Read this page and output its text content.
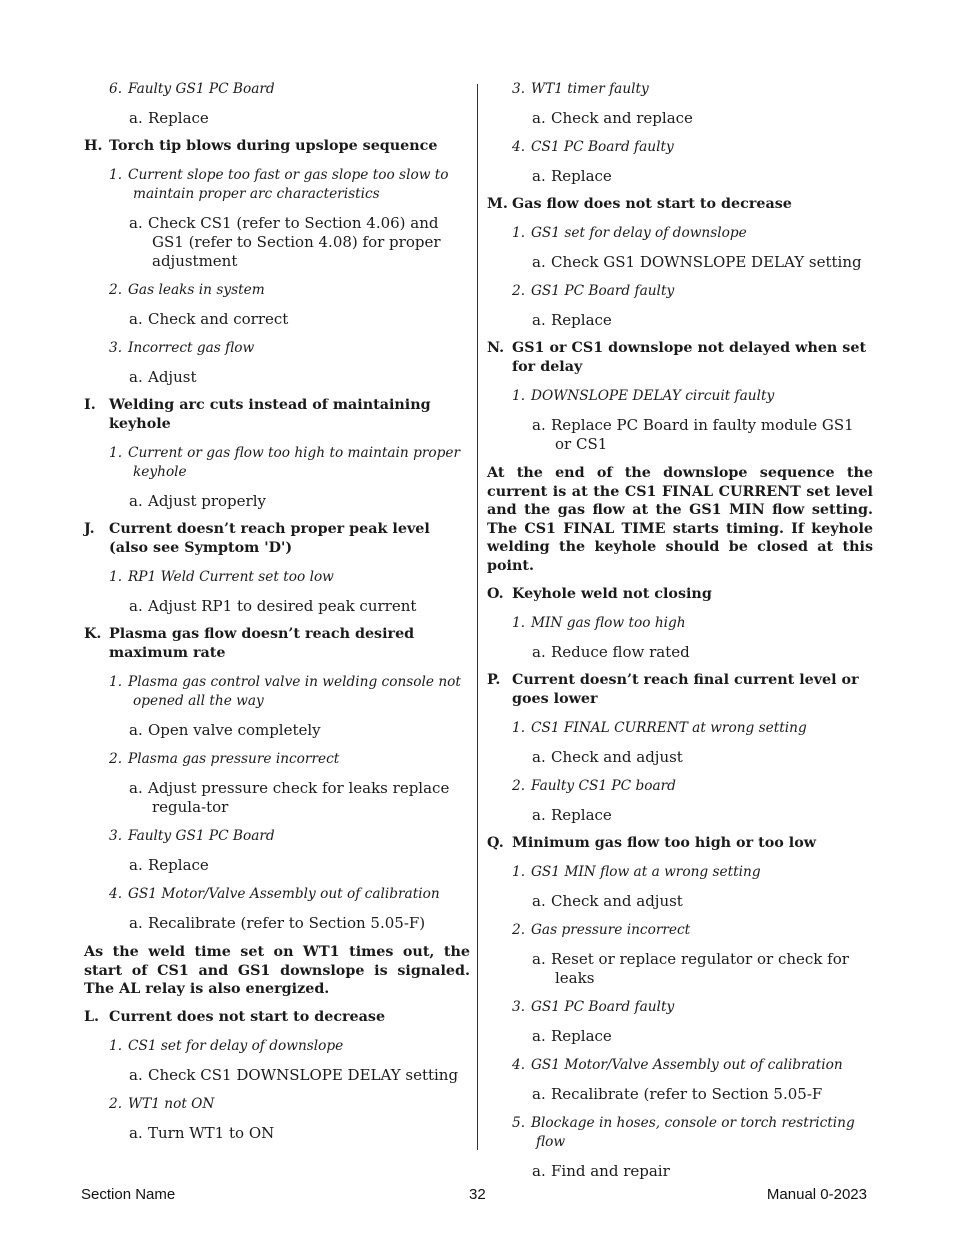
6. Faulty GS1 PC Board
a. Replace
H. Torch tip blows during upslope sequence
1. Current slope too fast or gas slope too slow to maintain proper arc characteristics
a. Check CS1 (refer to Section 4.06) and GS1 (refer to Section 4.08) for proper adjustment
2. Gas leaks in system
a. Check and correct
3. Incorrect gas flow
a. Adjust
I. Welding arc cuts instead of maintaining keyhole
1. Current or gas flow too high to maintain proper keyhole
a. Adjust properly
J. Current doesn’t reach proper peak level (also see Symptom 'D')
1. RP1 Weld Current set too low
a. Adjust RP1 to desired peak current
K. Plasma gas flow doesn’t reach desired maximum rate
1. Plasma gas control valve in welding console not opened all the way
a. Open valve completely
2. Plasma gas pressure incorrect
a. Adjust pressure check for leaks replace regula-tor
3. Faulty GS1 PC Board
a. Replace
4. GS1 Motor/Valve Assembly out of calibration
a. Recalibrate (refer to Section 5.05-F)
As the weld time set on WT1 times out, the start of CS1 and GS1 downslope is signaled. The AL relay is also energized.
L. Current does not start to decrease
1. CS1 set for delay of downslope
a. Check CS1 DOWNSLOPE DELAY setting
2. WT1 not ON
a. Turn WT1 to ON
3. WT1 timer faulty
a. Check and replace
4. CS1 PC Board faulty
a. Replace
M. Gas flow does not start to decrease
1. GS1 set for delay of downslope
a. Check GS1 DOWNSLOPE DELAY setting
2. GS1 PC Board faulty
a. Replace
N. GS1 or CS1 downslope not delayed when set for delay
1. DOWNSLOPE DELAY circuit faulty
a. Replace PC Board in faulty module GS1 or CS1
At the end of the downslope sequence the current is at the CS1 FINAL CURRENT set level and the gas flow at the GS1 MIN flow setting. The CS1 FINAL TIME starts timing. If keyhole welding the keyhole should be closed at this point.
O. Keyhole weld not closing
1. MIN gas flow too high
a. Reduce flow rated
P. Current doesn’t reach final current level or goes lower
1. CS1 FINAL CURRENT at wrong setting
a. Check and adjust
2. Faulty CS1 PC board
a. Replace
Q. Minimum gas flow too high or too low
1. GS1 MIN flow at a wrong setting
a. Check and adjust
2. Gas pressure incorrect
a. Reset or replace regulator or check for leaks
3. GS1 PC Board faulty
a. Replace
4. GS1 Motor/Valve Assembly out of calibration
a. Recalibrate (refer to Section 5.05-F
5. Blockage in hoses, console or torch restricting flow
a. Find and repair
Section Name	32	Manual 0-2023
